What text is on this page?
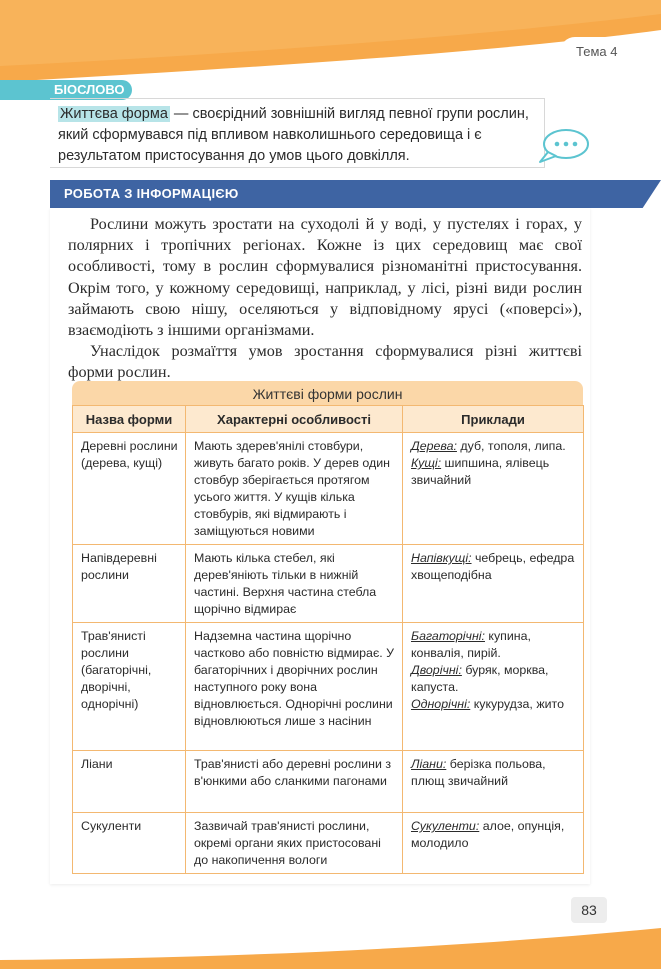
Тема 4
БІОСЛОВО
Життєва форма — своєрідний зовнішній вигляд певної групи рослин, який сформувався під впливом навколишнього середовища і є результатом пристосування до умов цього довкілля.
РОБОТА З ІНФОРМАЦІЄЮ

Рослини можуть зростати на суходолі й у воді, у пустелях і горах, у полярних і тропічних регіонах. Кожне із цих середовищ має свої особливості, тому в рослин сформувалися різноманітні пристосування. Окрім того, у кожному середовищі, наприклад, у лісі, різні види рослин займають свою нішу, оселяються у відповідному ярусі («поверсі»), взаємодіють з іншими організмами.

Унаслідок розмаїття умов зростання сформувалися різні життєві форми рослин.

Життєві форми рослин
Назва форми	Характерні особливості	Приклади
Деревні рослини (дерева, кущі)	Мають здерев'янілі стовбури, живуть багато років. У дерев один стовбур зберігається протягом усього життя. У кущів кілька стовбурів, які відмирають і заміщуються новими	Дерева: дуб, тополя, липа.
Кущі: шипшина, ялівець звичайний
Напівдеревні рослини	Мають кілька стебел, які дерев'яніють тільки в нижній частині. Верхня частина стебла щорічно відмирає	Напівкущі: чебрець, ефедра хвощеподібна
Трав'янисті рослини (багаторічні, дворічні, однорічні)	Надземна частина щорічно частково або повністю відмирає. У багаторічних і дворічних рослин наступного року вона відновлюється. Однорічні рослини відновлюються лише з насінин	Багаторічні: купина, конвалія, пирій.
Дворічні: буряк, морква, капуста.
Однорічні: кукурудза, жито
Ліани	Трав'янисті або деревні рослини з в'юнкими або сланкими пагонами	Ліани: берізка польова, плющ звичайний
Сукуленти	Зазвичай трав'янисті рослини, окремі органи яких пристосовані до накопичення вологи	Сукуленти: алое, опунція, молодило
83
